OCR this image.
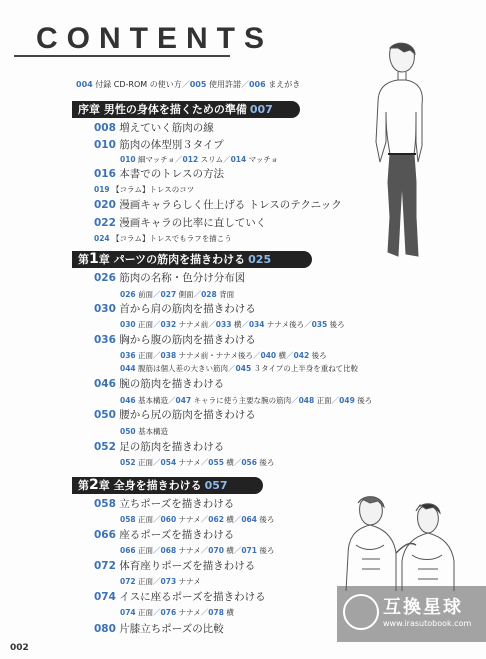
CONTENTS
004 付録 CD-ROM の使い方／005 使用許諾／006 まえがき
序章 男性の身体を描くための準備 007
008 増えていく筋肉の線
010 筋肉の体型別３タイプ
010 細マッチョ／012 スリム／014 マッチョ
016 本書でのトレスの方法
019 【コラム】トレスのコツ
020 漫画キャラらしく仕上げる トレスのテクニック
022 漫画キャラの比率に直していく
024 【コラム】トレスでもラフを描こう
第1章 パーツの筋肉を描きわける 025
026 筋肉の名称・色分け分布図
026 前面／027 側面／028 背面
030 首から肩の筋肉を描きわける
030 正面／032 ナナメ前／033 横／034 ナナメ後ろ／035 後ろ
036 胸から腹の筋肉を描きわける
036 正面／038 ナナメ前・ナナメ後ろ／040 横／042 後ろ
044 腹筋は個人差の大きい筋肉／045 ３タイプの上半身を重ねて比較
046 腕の筋肉を描きわける
046 基本構造／047 キャラに使う主要な腕の筋肉／048 正面／049 後ろ
050 腰から尻の筋肉を描きわける
050 基本構造
052 足の筋肉を描きわける
052 正面／054 ナナメ／055 横／056 後ろ
第2章 全身を描きわける 057
058 立ちポーズを描きわける
058 正面／060 ナナメ／062 横／064 後ろ
066 座るポーズを描きわける
066 正面／068 ナナメ／070 横／071 後ろ
072 体育座りポーズを描きわける
072 正面／073 ナナメ
074 イスに座るポーズを描きわける
074 正面／076 ナナメ／078 横
080 片膝立ちポーズの比較
互換星球
www.irasutobook.com
002
